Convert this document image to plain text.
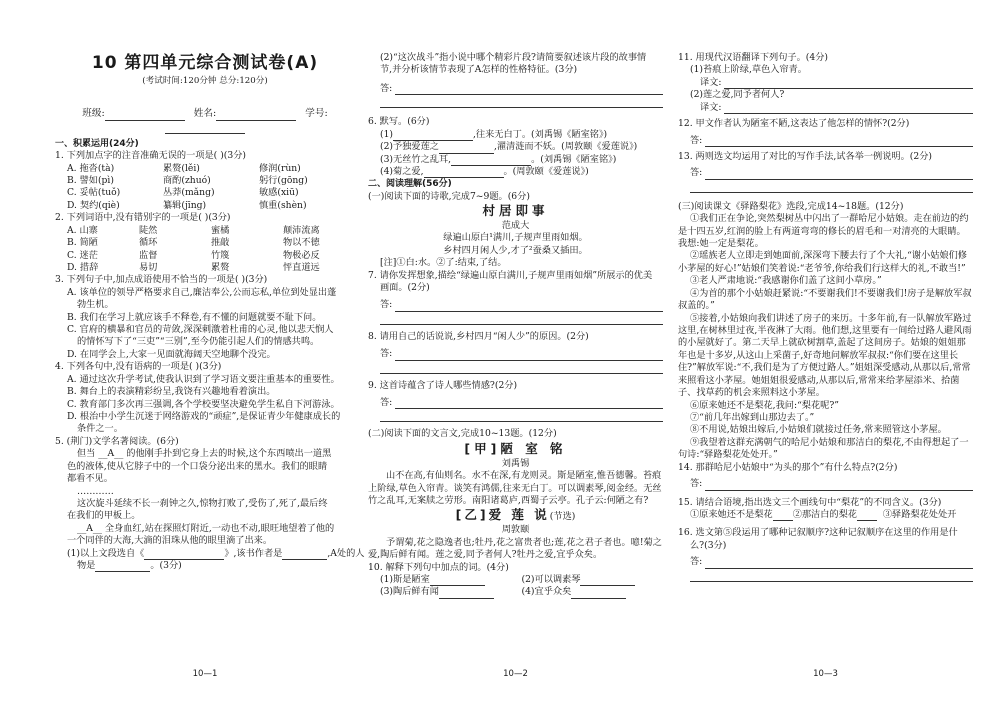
10 第四单元综合测试卷(A)
(考试时间:120分钟 总分:120分)
班级:	姓名:	学号:
一、积累运用(24分)
1. 下列加点字的注音准确无误的一项是( )(3分)
A. 拖沓(tà)	累赘(lěi)	修润(rùn)
B. 譬如(pì)	商酌(zhuó)	躬行(gōng)
C. 妥帖(tuǒ)	丛莽(mǎng)	敏感(xiū)
D. 契约(qiè)	纂辑(jīng)	慎重(shèn)
2. 下列词语中,没有错别字的一项是( )(3分)
A. 山寨	陡然	蜜橘	颠沛流离
B. 简陋	循环	推敲	物以不徳
C. 迷茫	监督	竹篾	物极必反
D. 措辞	易切	累赘	怦直道远
3. 下列句子中,加点成语使用不恰当的一项是( )(3分)
A. 该单位的领导严格要求自己,廉洁奉公,公而忘私,单位到处显出蓬
勃生机。
B. 我们在学习上就应该手不释卷,有不懂的问题就要不耻下问。
C. 官府的横暴和官员的苛敛,深深刺激着杜甫的心灵,他以悲天悯人
的情怀写下了“三吏”“三别”,至今仍能引起人们的情感共鸣。
D. 在同学会上,大家一见面就海阔天空地聊个没完。
4. 下列各句中,没有语病的一项是( )(3分)
A. 通过这次升学考试,使我认识到了学习语文要注重基本的重要性。
B. 舞台上的表演精彩纷呈,我饶有兴趣地看着演出。
C. 教育部门多次再三强调,各个学校要坚决避免学生私自下河游泳。
D. 根治中小学生沉迷于网络游戏的“顽症”,是保证青少年健康成长的
条件之一。
5. (荆门)文学名著阅读。(6分)
但当 __A__ 的他刚手扑到它身上去的时候,这个东西喷出一道黑
色的液体,使从它脖子中的一个口袋分泌出来的黑水。我们的眼睛
都看不见。
…………
这次旋斗延续不长一刹钟之久,惊物打败了,受伤了,死了,最后终
在我们的甲板上。
__A__ 全身血红,站在探照灯附近,一动也不动,眼旺地望着了他的
一个同伴的大海,大滴的泪珠从他的眼里滴了出来。
(1)以上文段选自《	》,该书作者是	,A处的人
物是	。(3分)
10—1
(2)“这次战斗”指小说中哪个精彩片段?请简要叙述该片段的故事情
节,并分析该情节表现了A怎样的性格特征。(3分)
答:
6. 默写。(6分)
(1)	,往来无白丁。(刘禹锡《陋室铭》)
(2)予独爱莲之	,濯清涟而不妖。(周敦颐《爱莲说》)
(3)无丝竹之乱耳,	。(刘禹锡《陋室铭》)
(4)菊之爱,	。(周敦颐《爱莲说》)
二、阅读理解(56分)
(一)阅读下面的诗歌,完成7~9题。(6分)
村居即事
范成大
绿遍山原白¹满川,子规声里雨如烟。
乡村四月闲人少,才了²蚕桑又插田。
[注]①白:水。②了:结束,了结。
7. 请你发挥想象,描绘“绿遍山原白满川,子规声里雨如烟”所展示的优美
画面。(2分)
答:
8. 请用自己的话说说,乡村四月“闲人少”的原因。(2分)
答:
9. 这首诗蕴含了诗人哪些情感?(2分)
答:
(二)阅读下面的文言文,完成10~13题。(12分)
[甲]陋 室 铭
刘禹锡
山不在高,有仙则名。水不在深,有龙则灵。斯是陋室,惟吾德馨。苔痕上阶绿,草色入帘青。谈笑有鸿儒,往来无白丁。可以调素琴,阅金经。无丝竹之乱耳,无案牍之劳形。南阳诸葛庐,西蜀子云亭。孔子云:何陋之有?
[乙]爱 莲 说(节选)
周敦颐
予谓菊,花之隐逸者也;牡丹,花之富贵者也;莲,花之君子者也。噫!菊之爱,陶后鲜有闻。莲之爱,同予者何人?牡丹之爱,宜乎众矣。
10. 解释下列句中加点的词。(4分)
(1)斯是陋室	(2)可以调素琴
(3)陶后鲜有闻	(4)宜乎众矣
10—2
11. 用现代汉语翻译下列句子。(4分)
(1)苔痕上阶绿,草色入帘青。
译文:
(2)莲之爱,同予者何人?
译文:
12. 甲文作者认为陋室不陋,这表达了他怎样的情怀?(2分)
答:
13. 两则选文均运用了对比的写作手法,试各举一例说明。(2分)
答:
(三)阅读课文《驿路梨花》选段,完成14~18题。(12分)
①我们正在争论,突然梨树丛中闪出了一群哈尼小姑娘。走在前边的约是十四五岁,红润的脸上有两道弯弯的修长的眉毛和一对清亮的大眼睛。我想:她一定是梨花。
②瑶族老人立即走到她面前,深深弯下腰去行了个大礼,“谢小姑娘们修小茅屋的好心!”姑娘们笑着说:“老爷爷,你给我们行这样大的礼,不敢当!”
③老人严肃地说:“我感谢你们盖了这间小草房。”
④为首的那个小姑娘赶紧说:“不要谢我们!不要谢我们!房子是解放军叔叔盖的。”
⑤接着,小姑娘向我们讲述了房子的来历。十多年前,有一队解放军路过这里,在树林里过夜,半夜淋了大雨。他们想,这里要有一间给过路人避风雨的小屋就好了。第二天早上就砍树割草,盖起了这间房子。姑娘的姐姐那年也是十多岁,从这山上采菌子,好奇地问解放军叔叔:“你们要在这里长住?”解放军说:“不,我们是为了方便过路人。”姐姐深受感动,从那以后,常常来照看这小茅屋。她姐姐很爱感动,从那以后,常常来给茅屋添米、拾菌子、找草药的机会来照料这小茅屋。
⑥原来她还不是梨花,我问:“梨花呢?”
⑦“前几年出嫁到山那边去了。”
⑧不用说,姑娘出嫁后,小姑娘们就接过任务,常来照管这小茅屋。
⑨我望着这群充满朝气的哈尼小姑娘和那洁白的梨花,不由得想起了一句诗:“驿路梨花处处开。”
14. 那群哈尼小姑娘中“为头的那个”有什么特点?(2分)
答:
15. 请结合语境,指出选文三个画线句中“梨花”的不同含义。(3分)
①原来她还不是梨花	②那洁白的梨花	③驿路梨花处处开
16. 选文第⑤段运用了哪种记叙顺序?这种记叙顺序在这里的作用是什
么?(3分)
答:
10—3
